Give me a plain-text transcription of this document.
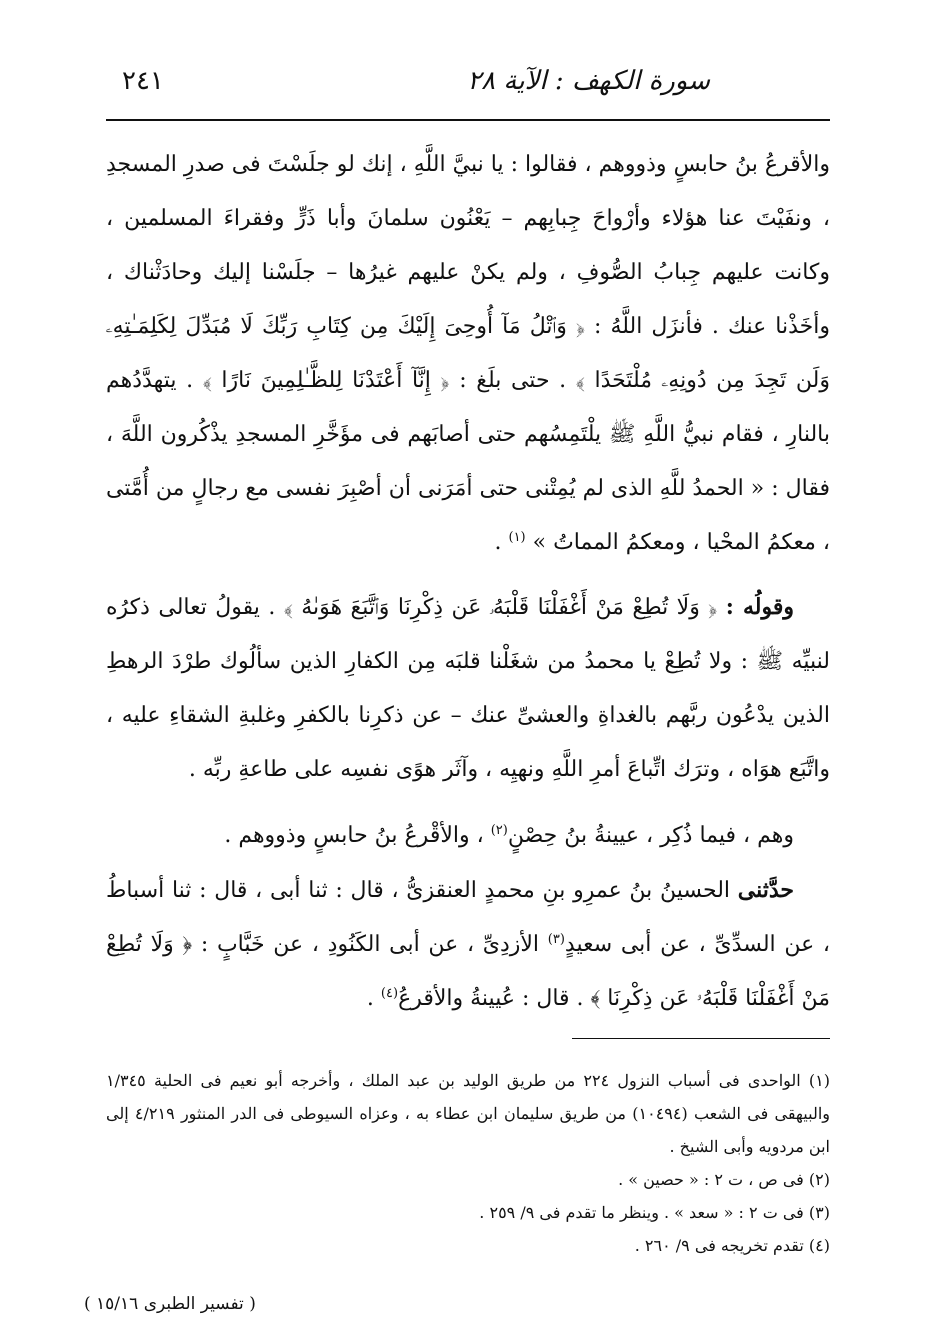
٢٤١	سورة الكهف : الآية ٢٨

والأقرعُ بنُ حابسٍ وذووهم ، فقالوا : يا نبيَّ اللَّهِ ، إنك لو جلَسْتَ فى صدرِ المسجدِ ، ونفَيْتَ عنا هؤلاء وأرْواحَ جِبابِهم – يَعْنُون سلمانَ وأبا ذَرٍّ وفقراءَ المسلمين ، وكانت عليهم جِبابُ الصُّوفِ ، ولم يكنْ عليهم غيرُها – جلَسْنا إليك وحادَثْناك ، وأخَذْنا عنك . فأنزَل اللَّهُ : ﴿ وَٱتْلُ مَآ أُوحِىَ إِلَيْكَ مِن كِتَابِ رَبِّكَ لَا مُبَدِّلَ لِكَلِمَـٰتِهِۦ وَلَن تَجِدَ مِن دُونِهِۦ مُلْتَحَدًا ﴾ . حتى بلَغ : ﴿ إِنَّآ أَعْتَدْنَا لِلظَّـٰلِمِينَ نَارًا ﴾ . يتهدَّدُهم بالنارِ ، فقام نبيُّ اللَّهِ ﷺ يلْتَمِسُهم حتى أصابَهم فى مؤَخَّرِ المسجدِ يذْكُرون اللَّهَ ، فقال : « الحمدُ للَّهِ الذى لم يُمِتْنى حتى أمَرَنى أن أصْبِرَ نفسى مع رجالٍ من أُمَّتى ، معكمُ المحْيا ، ومعكمُ المماتُ » $^{(١)}$ .

وقولُه : ﴿ وَلَا تُطِعْ مَنْ أَغْفَلْنَا قَلْبَهُۥ عَن ذِكْرِنَا وَٱتَّبَعَ هَوَىٰهُ ﴾ . يقولُ تعالى ذكرُه لنبيِّه ﷺ : ولا تُطِعْ يا محمدُ من شغَلْنا قلبَه مِن الكفارِ الذين سألُوك طرْدَ الرهطِ الذين يدْعُون ربَّهم بالغداةِ والعشىِّ عنك – عن ذكرِنا بالكفرِ وغلبةِ الشقاءِ عليه ، واتَّبَع هوَاه ، وترَك اتِّباعَ أمرِ اللَّهِ ونهيِه ، وآثَر هوًى نفسِه على طاعةِ ربِّه .

وهم ، فيما ذُكِر ، عيينةُ بنُ حِصْنٍ$^{(٢)}$ ، والأقْرعُ بنُ حابسٍ وذووهم .

حدَّثنى الحسينُ بنُ عمرِو بنِ محمدٍ العنقزىُّ ، قال : ثنا أبى ، قال : ثنا أسباطُ ، عن السدِّىِّ ، عن أبى سعيدٍ$^{(٣)}$ الأزدِىِّ ، عن أبى الكَنُودِ ، عن خَبَّابٍ : ﴿ وَلَا تُطِعْ مَنْ أَغْفَلْنَا قَلْبَهُۥ عَن ذِكْرِنَا ﴾ . قال : عُيينةُ والأقرعُ$^{(٤)}$ .

(١) الواحدى فى أسباب النزول ٢٢٤ من طريق الوليد بن عبد الملك ، وأخرجه أبو نعيم فى الحلية ١/٣٤٥ والبيهقى فى الشعب (١٠٤٩٤) من طريق سليمان ابن عطاء به ، وعزاه السيوطى فى الدر المنثور ٤/٢١٩ إلى ابن مردويه وأبى الشيخ .

(٢) فى ص ، ت ٢ : « حصين » .

(٣) فى ت ٢ : « سعد » . وينظر ما تقدم فى ٩/ ٢٥٩ .

(٤) تقدم تخريجه فى ٩/ ٢٦٠ .

( تفسير الطبرى ١٥/١٦ )
